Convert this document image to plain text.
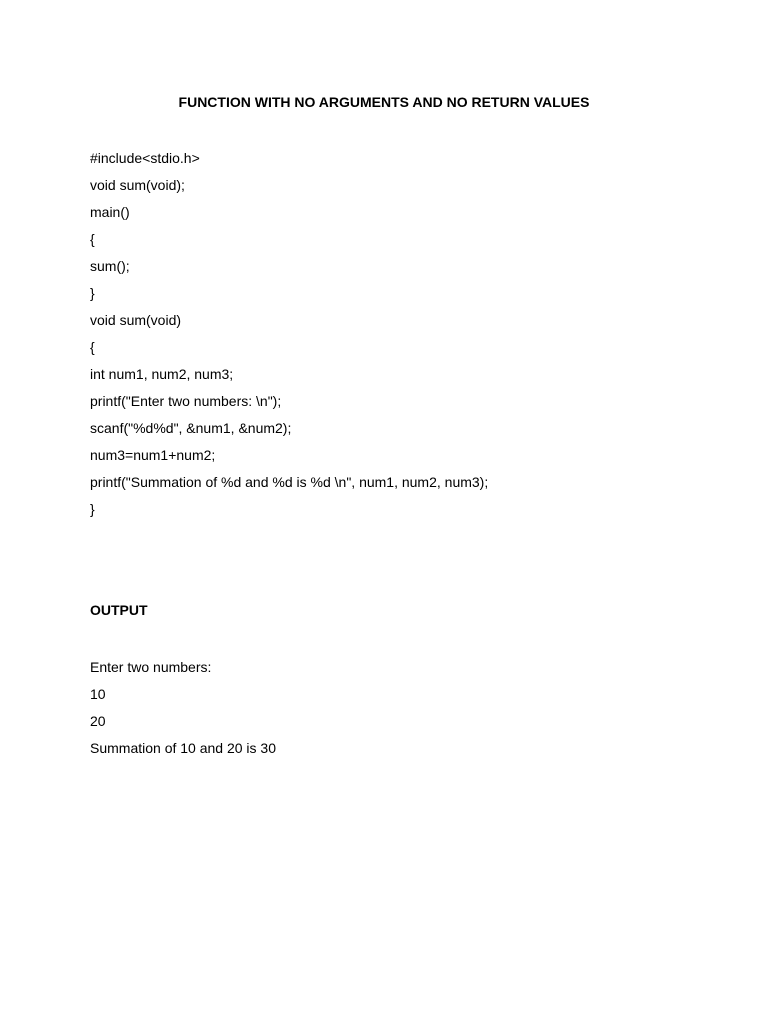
FUNCTION WITH NO ARGUMENTS AND NO RETURN VALUES
#include<stdio.h>
void sum(void);
main()
{
sum();
}
void sum(void)
{
int num1, num2, num3;
printf("Enter two numbers: \n");
scanf("%d%d", &num1, &num2);
num3=num1+num2;
printf("Summation of %d and %d is %d \n", num1, num2, num3);
}
OUTPUT
Enter two numbers:
10
20
Summation of 10 and 20 is 30
